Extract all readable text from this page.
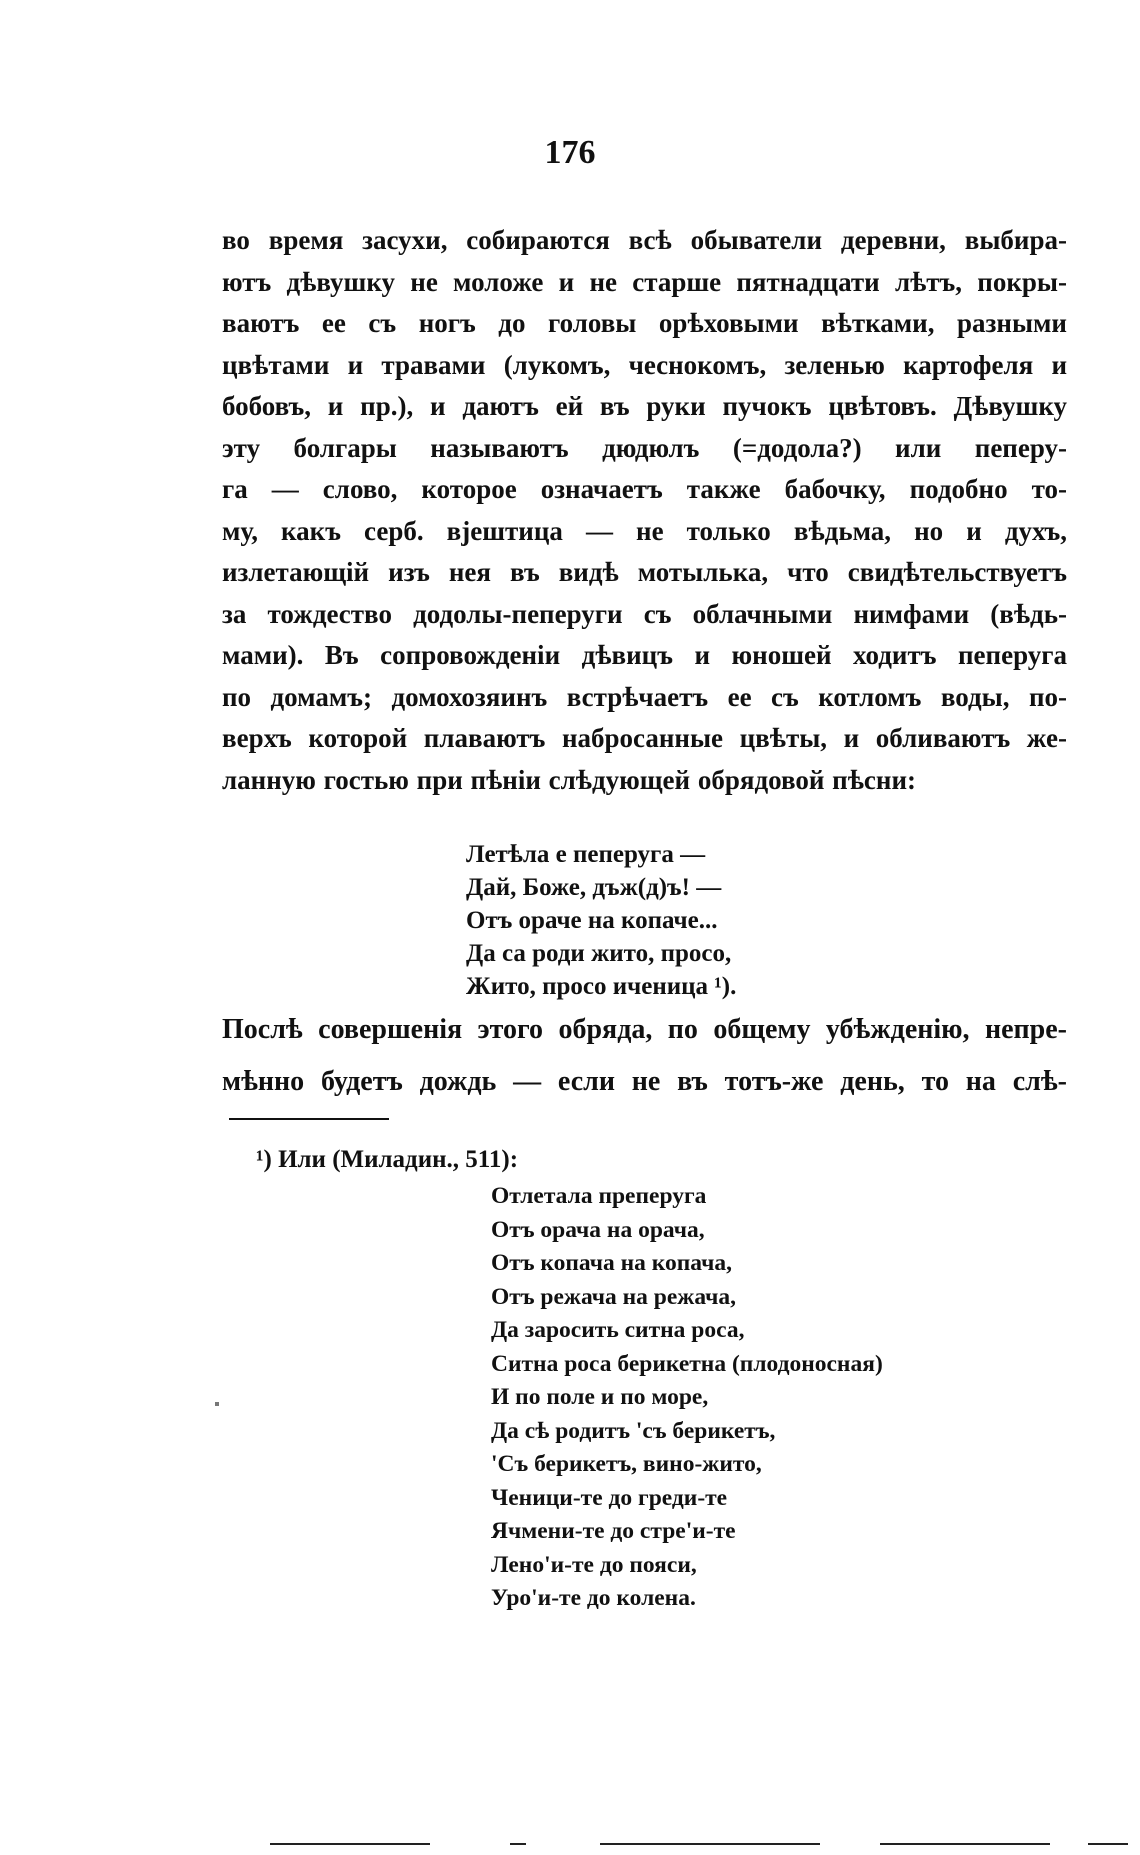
176
во время засухи, собираются всѣ обыватели деревни, выбира-
ютъ дѣвушку не моложе и не старше пятнадцати лѣтъ, покры-
ваютъ ее съ ногъ до головы орѣховыми вѣтками, разными
цвѣтами и травами (лукомъ, чеснокомъ, зеленью картофеля и
бобовъ, и пр.), и даютъ ей въ руки пучокъ цвѣтовъ. Дѣвушку
эту болгары называютъ дюдюлъ (=додола?) или пеперу-
га — слово, которое означаетъ также бабочку, подобно то-
му, какъ серб. вјештица — не только вѣдьма, но и духъ,
излетающій изъ нея въ видѣ мотылька, что свидѣтельствуетъ
за тождество додолы-пеперуги съ облачными нимфами (вѣдь-
мами). Въ сопровожденіи дѣвицъ и юношей ходитъ пеперуга
по домамъ; домохозяинъ встрѣчаетъ ее съ котломъ воды, по-
верхъ которой плаваютъ набросанные цвѣты, и обливаютъ же-
ланную гостью при пѣніи слѣдующей обрядовой пѣсни:
Летѣла е пеперуга —
Дай, Боже, дъж(д)ъ! —
Отъ ораче на копаче...
Да са роди жито, просо,
Жито, просо иченица ¹).
Послѣ совершенія этого обряда, по общему убѣжденію, непре-
мѣнно будетъ дождь — если не въ тотъ-же день, то на слѣ-
¹) Или (Миладин., 511):
Отлетала пpеперуга
Отъ орача на орача,
Отъ копача на копача,
Отъ режача на режача,
Да заросить ситна роса,
Ситна роса берикетна (плодоносная)
И по поле и по море,
Да сѣ родитъ 'съ берикетъ,
'Съ берикетъ, вино-жито,
Ченици-те до греди-те
Ячмени-те до стре'и-те
Лено'и-те до пояси,
Уро'и-те до колена.
